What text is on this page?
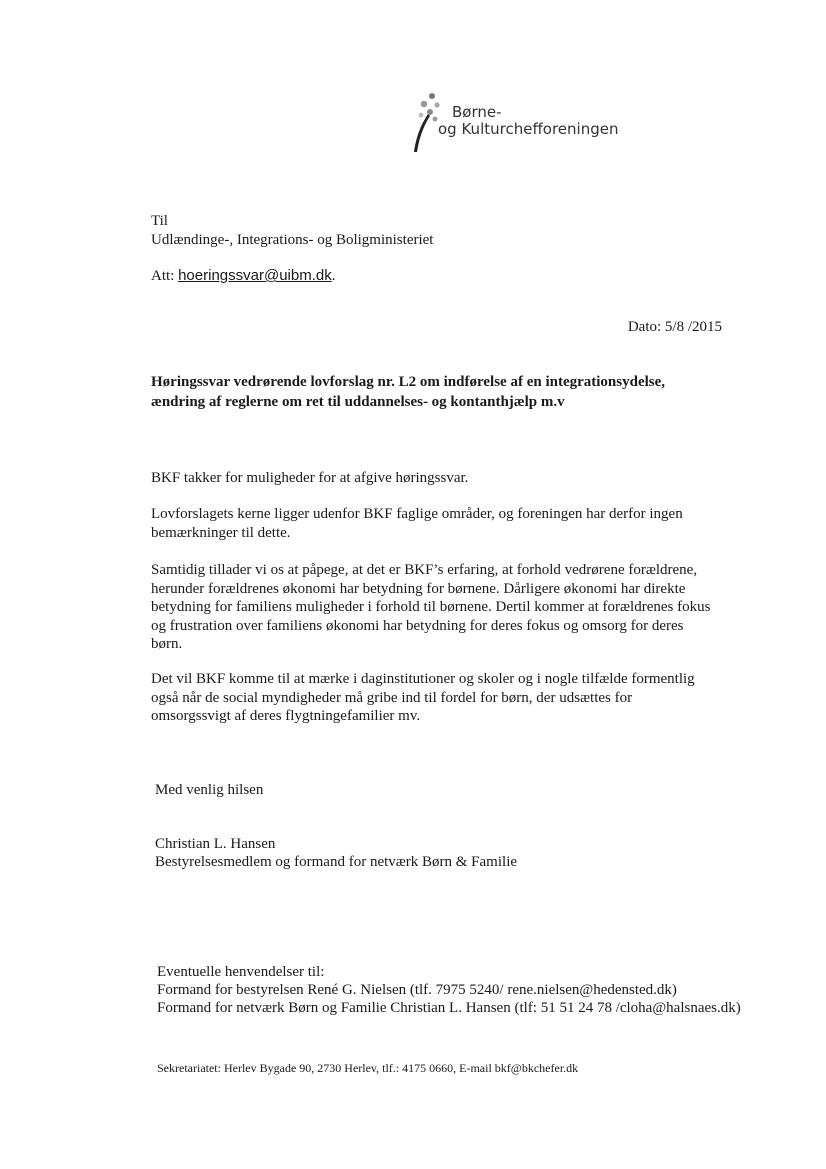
Børne-
og Kulturchefforeningen
Til
Udlændinge-, Integrations- og Boligministeriet
Att: hoeringssvar@uibm.dk.
Dato: 5/8 /2015
Høringssvar vedrørende lovforslag nr. L2 om indførelse af en integrationsydelse,
ændring af reglerne om ret til uddannelses- og kontanthjælp m.v
BKF takker for muligheder for at afgive høringssvar.
Lovforslagets kerne ligger udenfor BKF faglige områder, og foreningen har derfor ingen
bemærkninger til dette.
Samtidig tillader vi os at påpege, at det er BKF’s erfaring, at forhold vedrørene forældrene,
herunder forældrenes økonomi har betydning for børnene. Dårligere økonomi har direkte
betydning for familiens muligheder i forhold til børnene. Dertil kommer at forældrenes fokus
og frustration over familiens økonomi har betydning for deres fokus og omsorg for deres
børn.
Det vil BKF komme til at mærke i daginstitutioner og skoler og i nogle tilfælde formentlig
også når de social myndigheder må gribe ind til fordel for børn, der udsættes for
omsorgssvigt af deres flygtningefamilier mv.
Med venlig hilsen
Christian L. Hansen
Bestyrelsesmedlem og formand for netværk Børn & Familie
Eventuelle henvendelser til:
Formand for bestyrelsen René G. Nielsen (tlf. 7975 5240/ rene.nielsen@hedensted.dk)
Formand for netværk Børn og Familie Christian L. Hansen (tlf: 51 51 24 78 /cloha@halsnaes.dk)
Sekretariatet: Herlev Bygade 90, 2730 Herlev, tlf.: 4175 0660, E-mail bkf@bkchefer.dk
